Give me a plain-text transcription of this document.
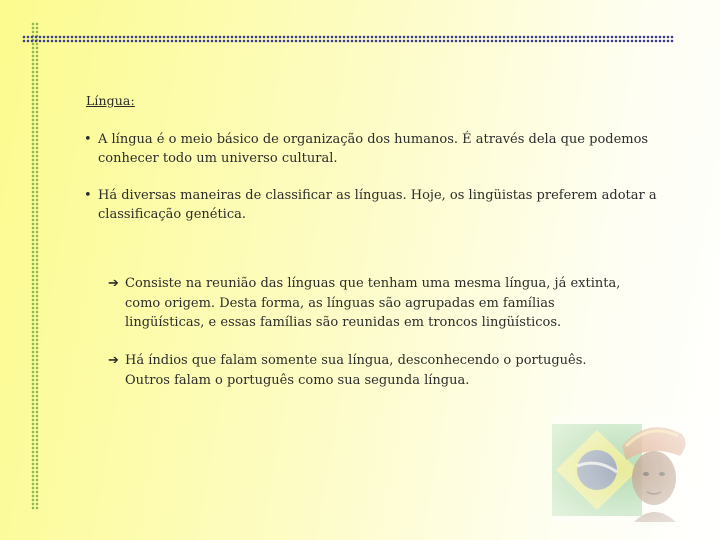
Língua:
• A língua é o meio básico de organização dos humanos. É através dela que podemos conhecer todo um universo cultural.
• Há diversas maneiras de classificar as línguas. Hoje, os lingüistas preferem adotar a classificação genética.
➔ Consiste na reunião das línguas que tenham uma mesma língua, já extinta, como origem. Desta forma, as línguas são agrupadas em famílias lingüísticas, e essas famílias são reunidas em troncos lingüísticos.
➔ Há índios que falam somente sua língua, desconhecendo o português. Outros falam o português como sua segunda língua.
